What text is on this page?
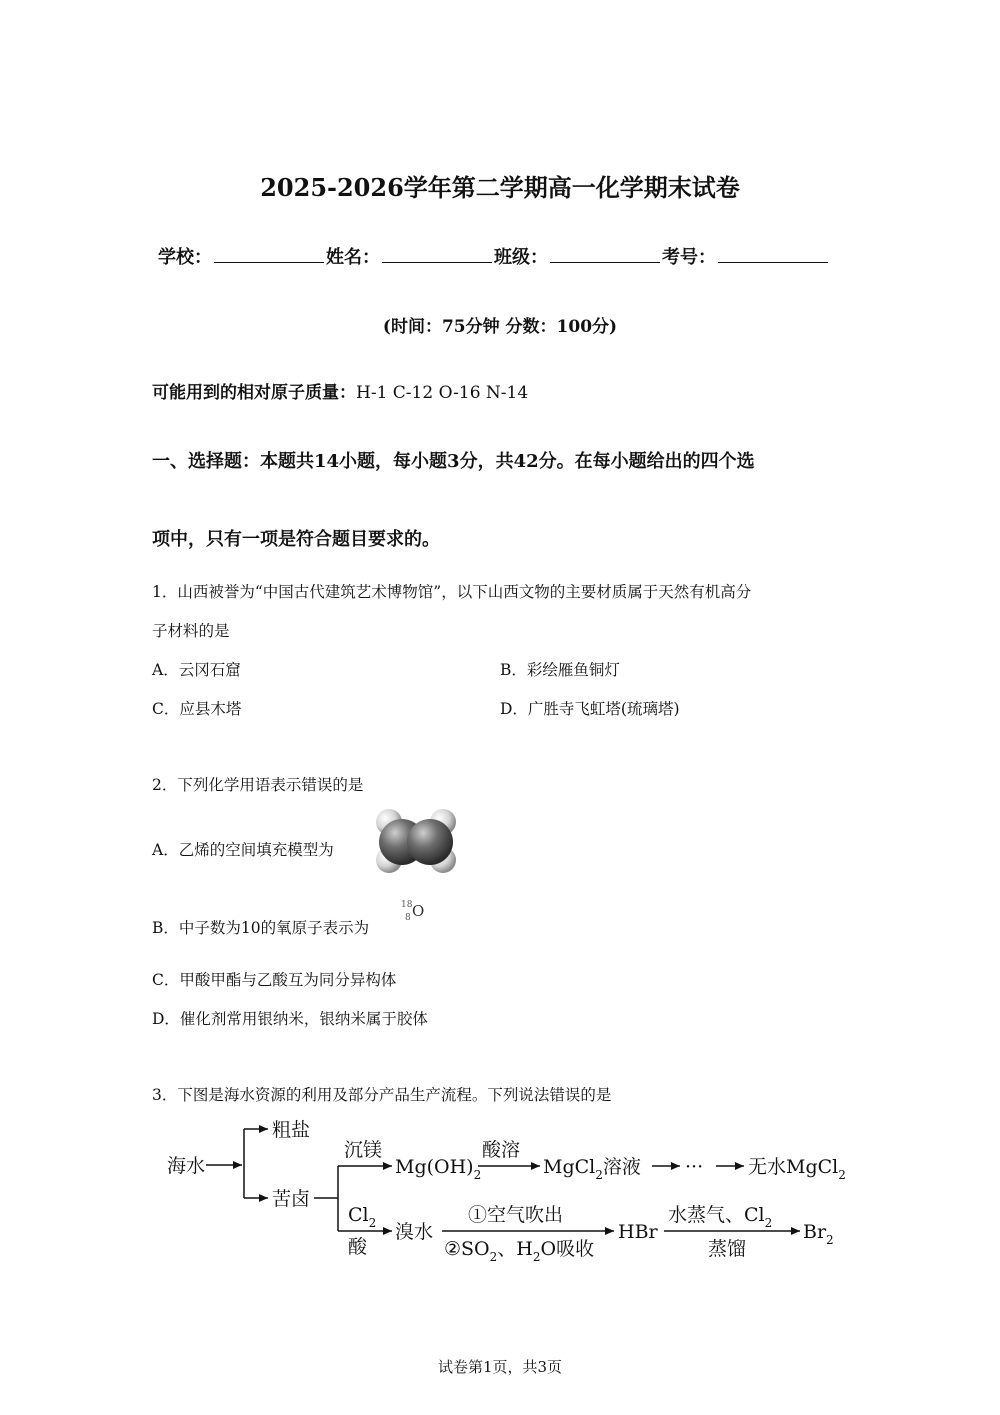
2025-2026学年第二学期高一化学期末试卷
学校：	姓名：	班级：	考号：
(时间：75分钟 分数：100分)
可能用到的相对原子质量：H-1 C-12 O-16 N-14
一、选择题：本题共14小题，每小题3分，共42分。在每小题给出的四个选
项中，只有一项是符合题目要求的。
1．山西被誉为“中国古代建筑艺术博物馆”，以下山西文物的主要材质属于天然有机高分
子材料的是
A．云冈石窟	B．彩绘雁鱼铜灯
C．应县木塔	D．广胜寺飞虹塔(琉璃塔)
2．下列化学用语表示错误的是
A．乙烯的空间填充模型为
B．中子数为10的氧原子表示为
18
8 O
C．甲酸甲酯与乙酸互为同分异构体
D．催化剂常用银纳米，银纳米属于胶体
3．下图是海水资源的利用及部分产品生产流程。下列说法错误的是
海水
粗盐
苦卤
沉镁
$Mg(OH)_2$
酸溶
MgCl$_2$溶液 ··· 无水MgCl$_2$
$Cl_2$
酸
溴水
①空气吹出
$②SO_2$、$H_2O$吸收
HBr
水蒸气、$Cl_2$
蒸馏
$Br_2$
试卷第1页，共3页
